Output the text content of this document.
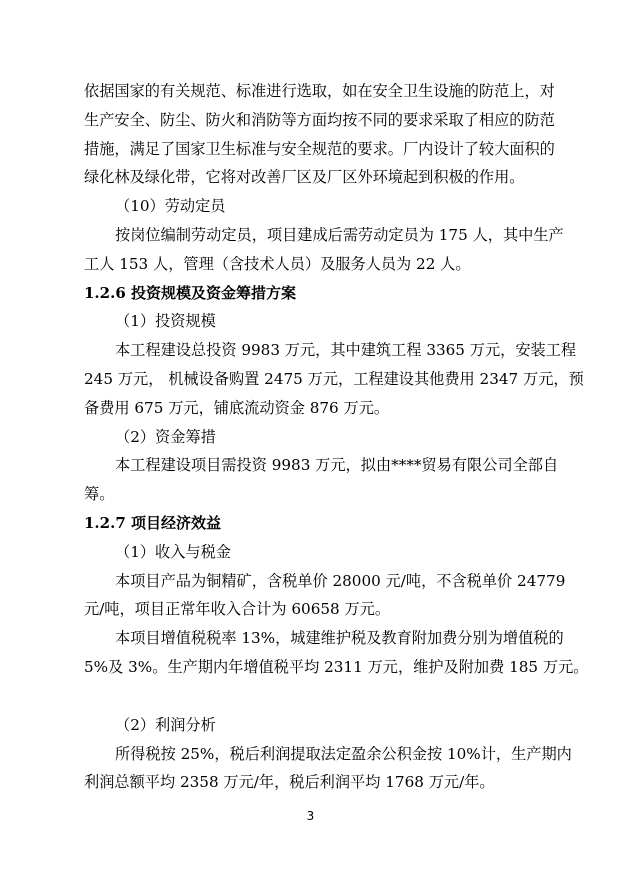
依据国家的有关规范、标准进行选取，如在安全卫生设施的防范上，对
生产安全、防尘、防火和消防等方面均按不同的要求采取了相应的防范
措施，满足了国家卫生标准与安全规范的要求。厂内设计了较大面积的
绿化林及绿化带，它将对改善厂区及厂区外环境起到积极的作用。
（10）劳动定员
按岗位编制劳动定员，项目建成后需劳动定员为 175 人，其中生产
工人 153 人，管理（含技术人员）及服务人员为 22 人。
1.2.6 投资规模及资金筹措方案
（1）投资规模
本工程建设总投资 9983 万元，其中建筑工程 3365 万元，安装工程
245 万元， 机械设备购置 2475 万元，工程建设其他费用 2347 万元，预
备费用 675 万元，铺底流动资金 876 万元。
（2）资金筹措
本工程建设项目需投资 9983 万元，拟由****贸易有限公司全部自
筹。
1.2.7 项目经济效益
（1）收入与税金
本项目产品为铜精矿，含税单价 28000 元/吨，不含税单价 24779
元/吨，项目正常年收入合计为 60658 万元。
本项目增值税税率 13%，城建维护税及教育附加费分别为增值税的
5%及 3%。生产期内年增值税平均 2311 万元，维护及附加费 185 万元。
（2）利润分析
所得税按 25%，税后利润提取法定盈余公积金按 10%计，生产期内
利润总额平均 2358 万元/年，税后利润平均 1768 万元/年。
3
